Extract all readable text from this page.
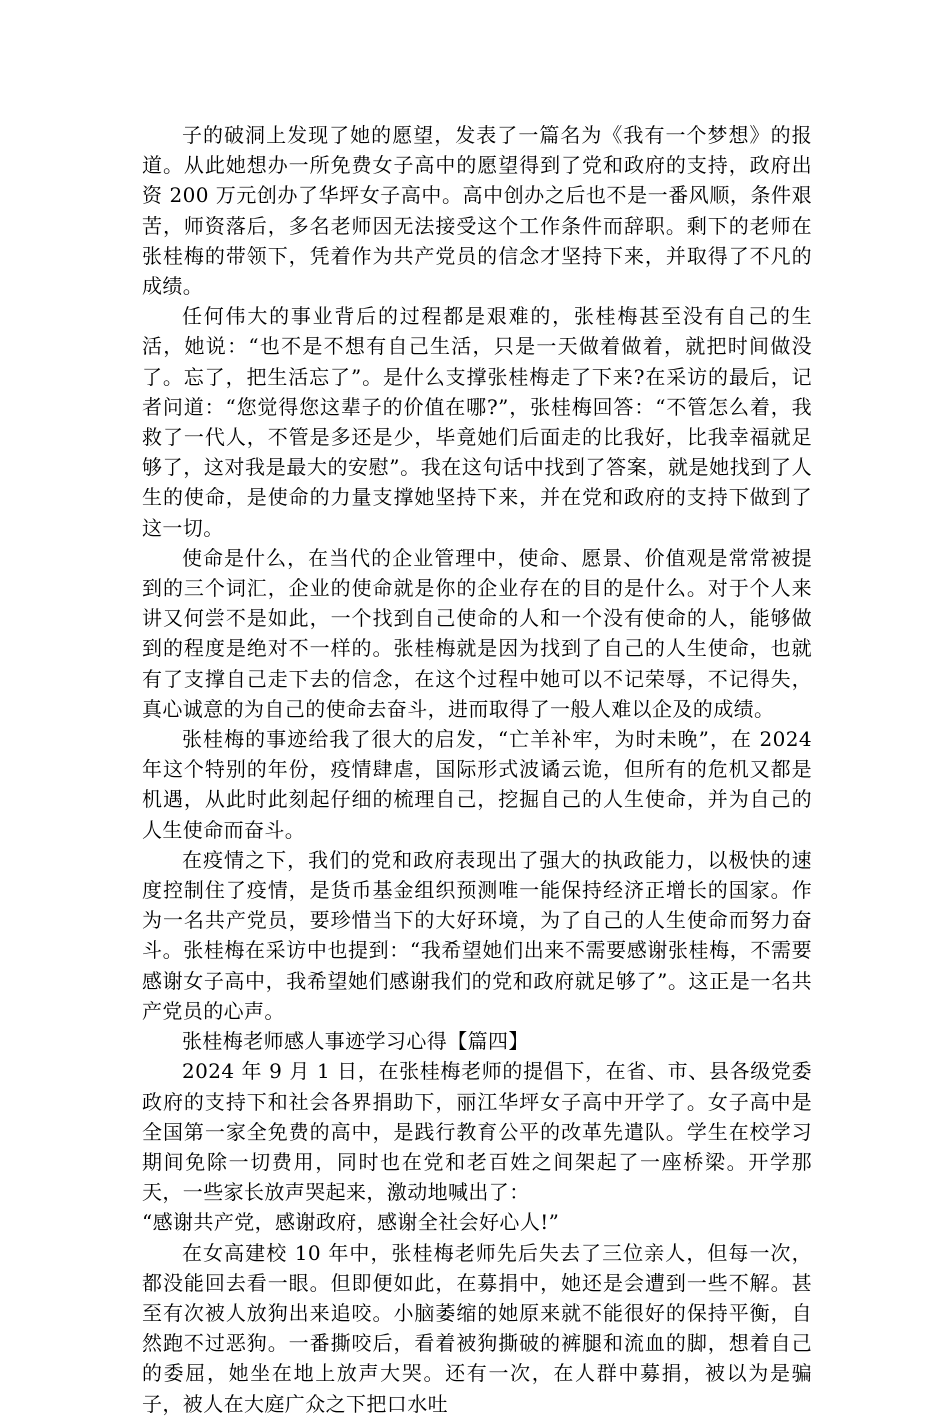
子的破洞上发现了她的愿望，发表了一篇名为《我有一个梦想》的报道。从此她想办一所免费女子高中的愿望得到了党和政府的支持，政府出资 200 万元创办了华坪女子高中。高中创办之后也不是一番风顺，条件艰苦，师资落后，多名老师因无法接受这个工作条件而辞职。剩下的老师在张桂梅的带领下，凭着作为共产党员的信念才坚持下来，并取得了不凡的成绩。

任何伟大的事业背后的过程都是艰难的，张桂梅甚至没有自己的生活，她说：“也不是不想有自己生活，只是一天做着做着，就把时间做没了。忘了，把生活忘了”。是什么支撑张桂梅走了下来?在采访的最后，记者问道：“您觉得您这辈子的价值在哪?”，张桂梅回答：“不管怎么着，我救了一代人，不管是多还是少，毕竟她们后面走的比我好，比我幸福就足够了，这对我是最大的安慰”。我在这句话中找到了答案，就是她找到了人生的使命，是使命的力量支撑她坚持下来，并在党和政府的支持下做到了这一切。

使命是什么，在当代的企业管理中，使命、愿景、价值观是常常被提到的三个词汇，企业的使命就是你的企业存在的目的是什么。对于个人来讲又何尝不是如此，一个找到自己使命的人和一个没有使命的人，能够做到的程度是绝对不一样的。张桂梅就是因为找到了自己的人生使命，也就有了支撑自己走下去的信念，在这个过程中她可以不记荣辱，不记得失，真心诚意的为自己的使命去奋斗，进而取得了一般人难以企及的成绩。

张桂梅的事迹给我了很大的启发，“亡羊补牢，为时未晚”，在 2024 年这个特别的年份，疫情肆虐，国际形式波谲云诡，但所有的危机又都是机遇，从此时此刻起仔细的梳理自己，挖掘自己的人生使命，并为自己的人生使命而奋斗。

在疫情之下，我们的党和政府表现出了强大的执政能力，以极快的速度控制住了疫情，是货币基金组织预测唯一能保持经济正增长的国家。作为一名共产党员，要珍惜当下的大好环境，为了自己的人生使命而努力奋斗。张桂梅在采访中也提到：“我希望她们出来不需要感谢张桂梅，不需要感谢女子高中，我希望她们感谢我们的党和政府就足够了”。这正是一名共产党员的心声。

张桂梅老师感人事迹学习心得【篇四】

2024 年 9 月 1 日，在张桂梅老师的提倡下，在省、市、县各级党委政府的支持下和社会各界捐助下，丽江华坪女子高中开学了。女子高中是全国第一家全免费的高中，是践行教育公平的改革先遣队。学生在校学习期间免除一切费用，同时也在党和老百姓之间架起了一座桥梁。开学那天，一些家长放声哭起来，激动地喊出了：

“感谢共产党，感谢政府，感谢全社会好心人!”

在女高建校 10 年中，张桂梅老师先后失去了三位亲人，但每一次，都没能回去看一眼。但即便如此，在募捐中，她还是会遭到一些不解。甚至有次被人放狗出来追咬。小脑萎缩的她原来就不能很好的保持平衡，自然跑不过恶狗。一番撕咬后，看着被狗撕破的裤腿和流血的脚，想着自己的委屈，她坐在地上放声大哭。还有一次，在人群中募捐，被以为是骗子，被人在大庭广众之下把口水吐
